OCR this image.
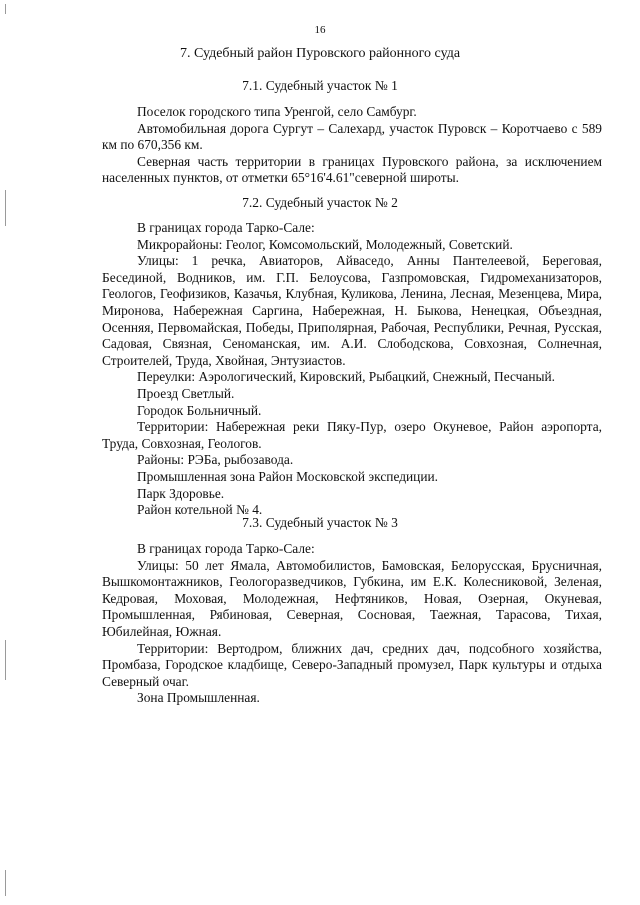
16
7. Судебный район Пуровского районного суда
7.1. Судебный участок № 1

Поселок городского типа Уренгой, село Самбург.

Автомобильная дорога Сургут – Салехард, участок Пуровск – Коротчаево с 589 км по 670,356 км.

Северная часть территории в границах Пуровского района, за исключением населенных пунктов, от отметки 65°16'4.61"северной широты.

7.2. Судебный участок № 2

В границах города Тарко-Сале:

Микрорайоны: Геолог, Комсомольский, Молодежный, Советский.

Улицы: 1 речка, Авиаторов, Айваседо, Анны Пантелеевой, Береговая, Бесединой, Водников, им. Г.П. Белоусова, Газпромовская, Гидромеханизаторов, Геологов, Геофизиков, Казачья, Клубная, Куликова, Ленина, Лесная, Мезенцева, Мира, Миронова, Набережная Саргина, Набережная, Н. Быкова, Ненецкая, Объездная, Осенняя, Первомайская, Победы, Приполярная, Рабочая, Республики, Речная, Русская, Садовая, Связная, Сеноманская, им. А.И. Слободскова, Совхозная, Солнечная, Строителей, Труда, Хвойная, Энтузиастов.

Переулки: Аэрологический, Кировский, Рыбацкий, Снежный, Песчаный.

Проезд Светлый.

Городок Больничный.

Территории: Набережная реки Пяку-Пур, озеро Окуневое, Район аэропорта, Труда, Совхозная, Геологов.

Районы: РЭБа, рыбозавода.

Промышленная зона Район Московской экспедиции.

Парк Здоровье.

Район котельной № 4.

7.3. Судебный участок № 3

В границах города Тарко-Сале:

Улицы: 50 лет Ямала, Автомобилистов, Бамовская, Белорусская, Брусничная, Вышкомонтажников, Геологоразведчиков, Губкина, им Е.К. Колесниковой, Зеленая, Кедровая, Моховая, Молодежная, Нефтяников, Новая, Озерная, Окуневая, Промышленная, Рябиновая, Северная, Сосновая, Таежная, Тарасова, Тихая, Юбилейная, Южная.

Территории: Вертодром, ближних дач, средних дач, подсобного хозяйства, Промбаза, Городское кладбище, Северо-Западный промузел, Парк культуры и отдыха Северный очаг.

Зона Промышленная.
